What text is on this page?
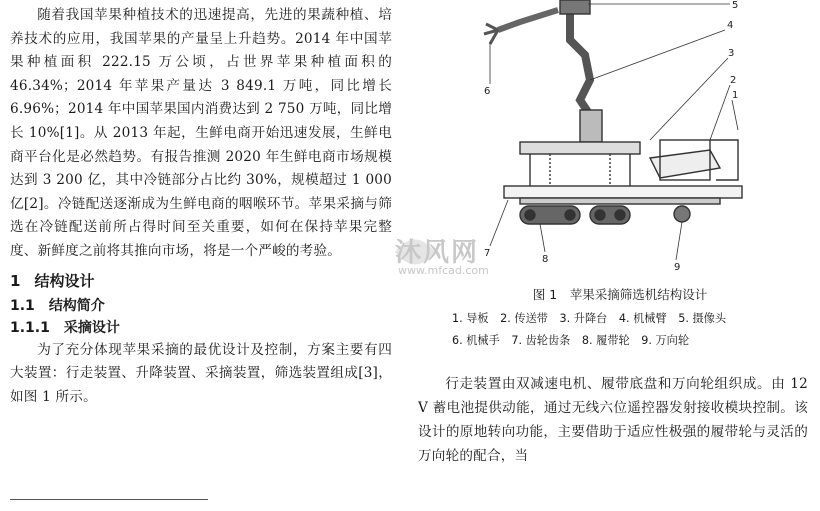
随着我国苹果种植技术的迅速提高，先进的果蔬种植、培养技术的应用，我国苹果的产量呈上升趋势。2014 年中国苹果种植面积 222.15 万公顷，占世界苹果种植面积的 46.34%；2014 年苹果产量达 3 849.1 万吨，同比增长 6.96%；2014 年中国苹果国内消费达到 2 750 万吨，同比增长 10%[1]。从 2013 年起，生鲜电商开始迅速发展，生鲜电商平台化是必然趋势。有报告推测 2020 年生鲜电商市场规模达到 3 200 亿，其中冷链部分占比约 30%，规模超过 1 000 亿[2]。冷链配送逐渐成为生鲜电商的咽喉环节。苹果采摘与筛选在冷链配送前所占得时间至关重要，如何在保持苹果完整度、新鲜度之前将其推向市场，将是一个严峻的考验。

1 结构设计
1.1 结构简介
1.1.1 采摘设计

为了充分体现苹果采摘的最优设计及控制，方案主要有四大装置：行走装置、升降装置、采摘装置，筛选装置组成[3]，如图 1 所示。

1
2
3
4
5
6
7
8
9
图 1　苹果采摘筛选机结构设计
1. 导板 2. 传送带 3. 升降台 4. 机械臂 5. 摄像头
6. 机械手 7. 齿轮齿条 8. 履带轮 9. 万向轮

行走装置由双减速电机、履带底盘和万向轮组织成。由 12 V 蓄电池提供动能，通过无线六位遥控器发射接收模块控制。该设计的原地转向功能，主要借助于适应性极强的履带轮与灵活的万向轮的配合，当

沐风网
www.mfcad.com
